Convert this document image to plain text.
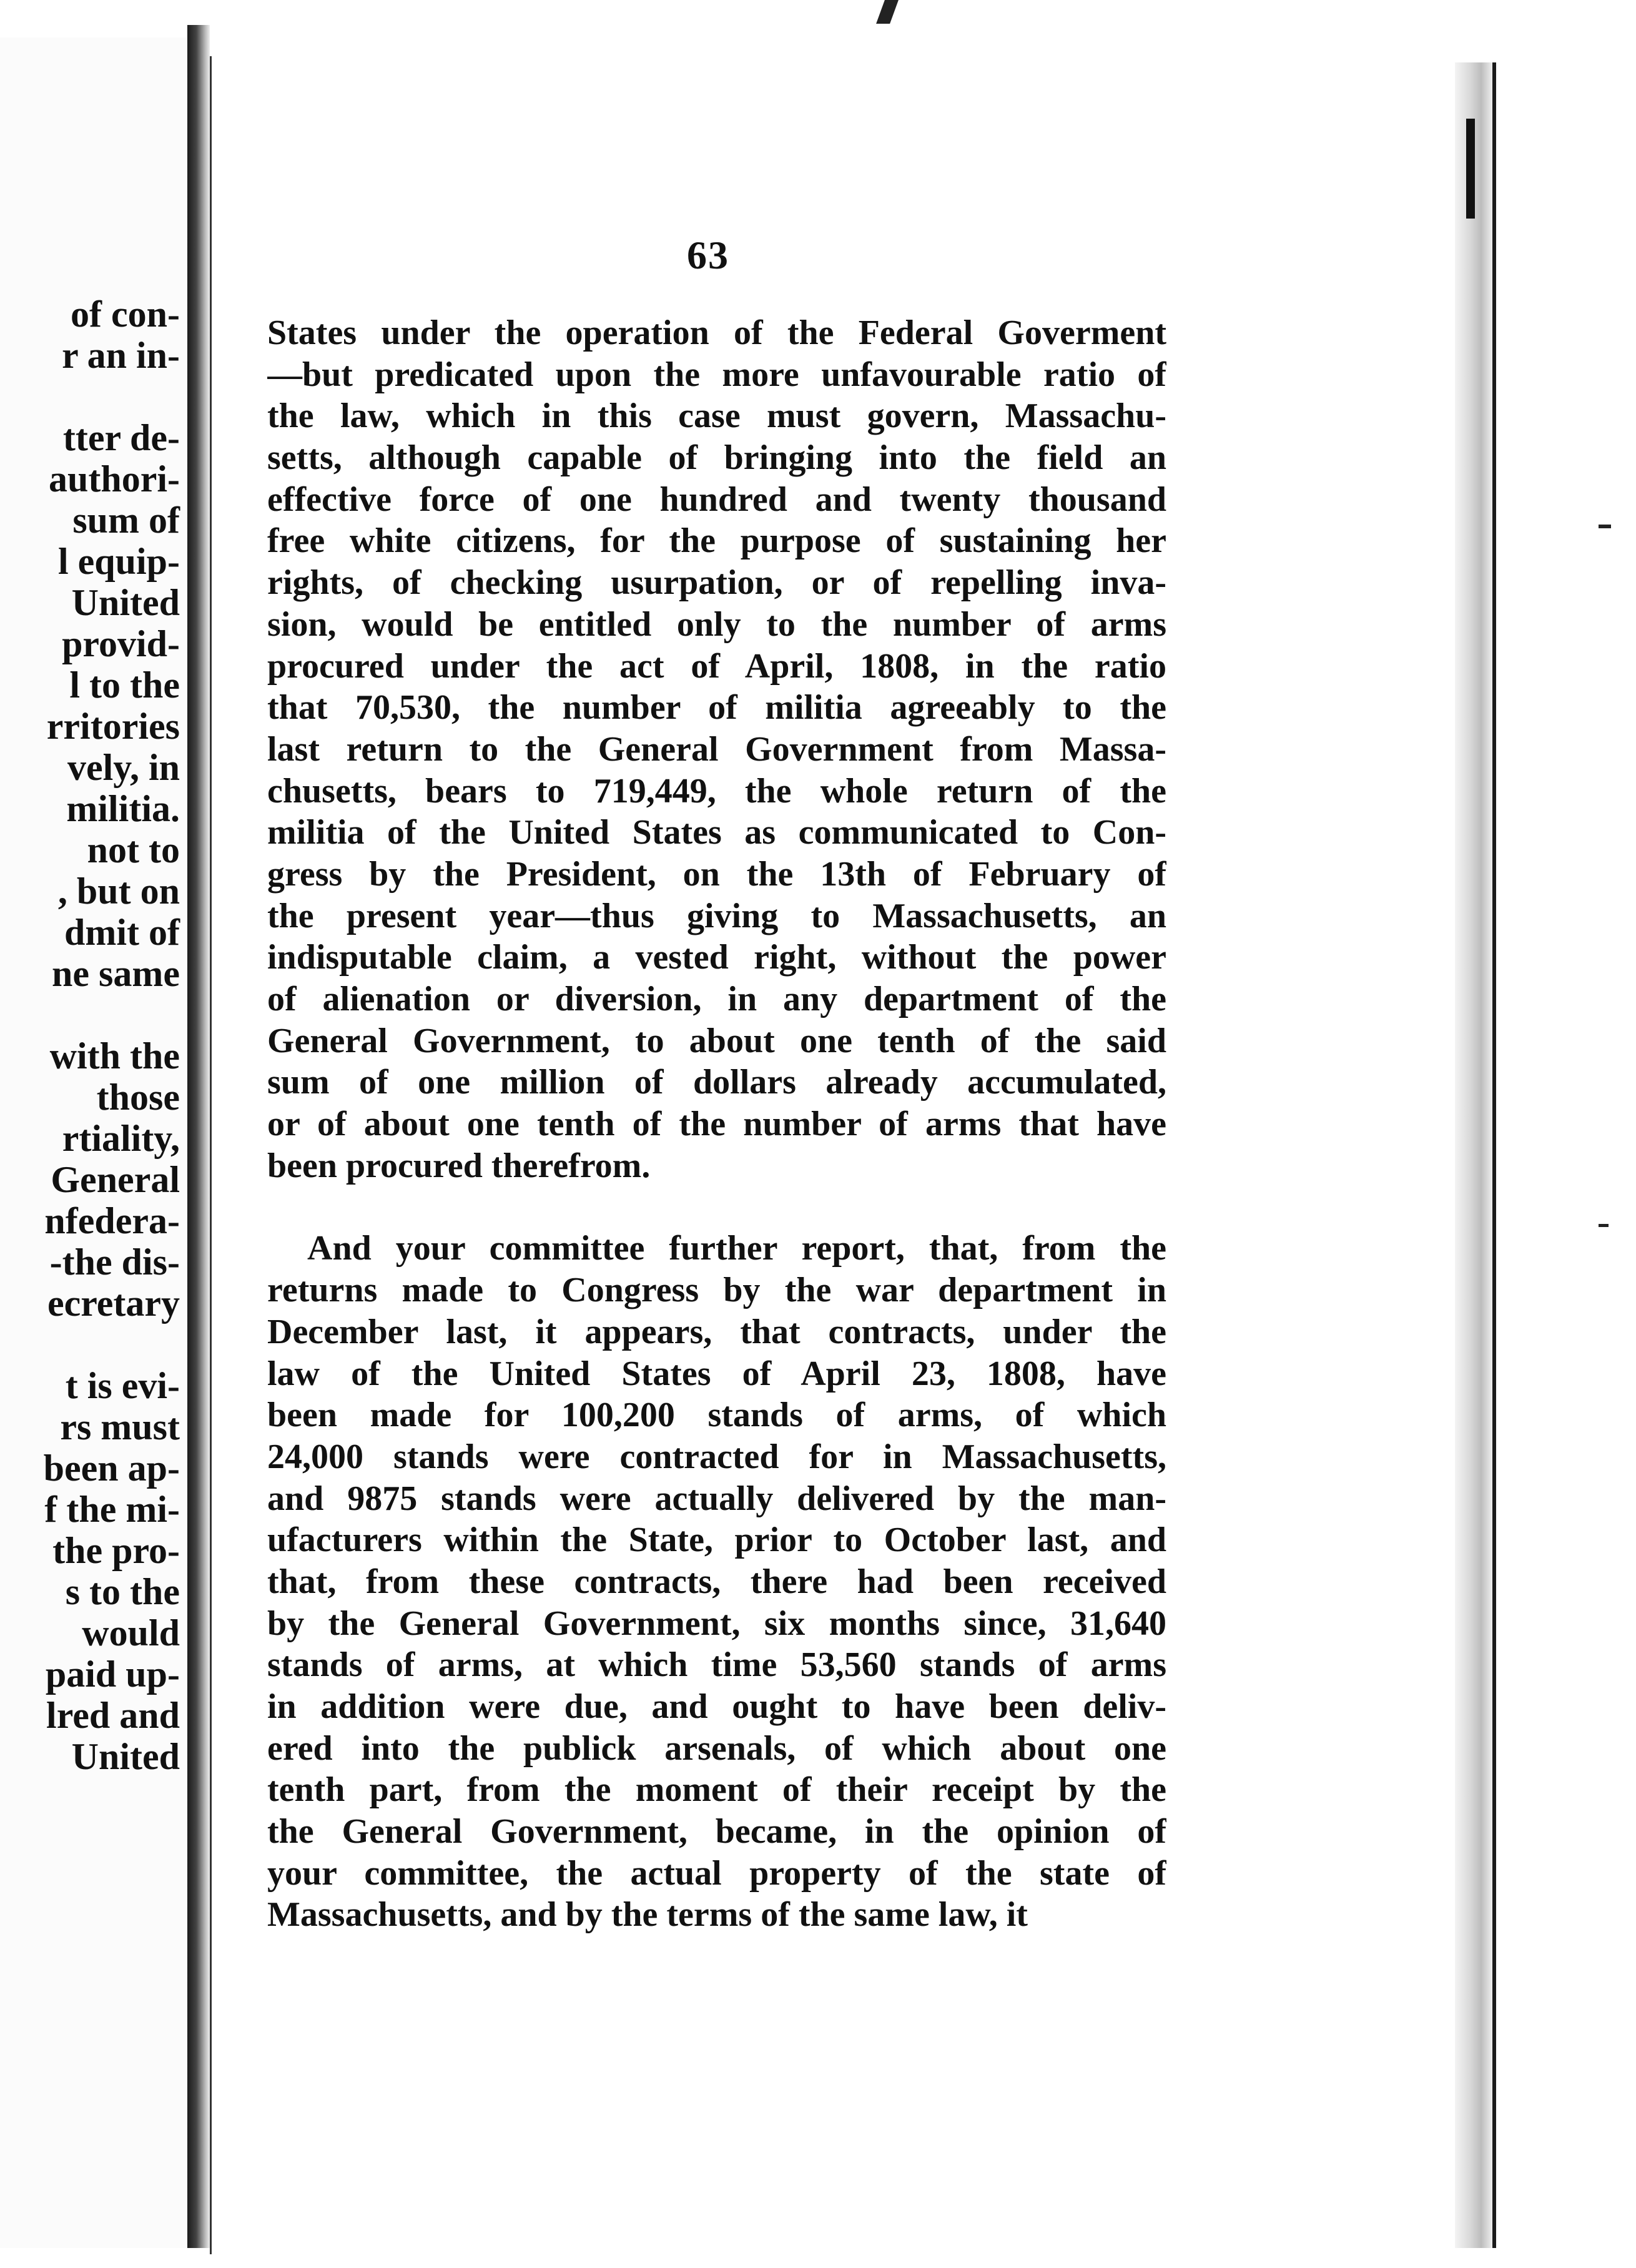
of con-
r an in-
tter de-
authori-
sum of
l equip-
United
provid-
l to the
rritories
vely, in
militia.
not to
, but on
dmit of
ne same
with the
those
rtiality,
General
nfedera-
-the dis-
ecretary
t is evi-
rs must
been ap-
f the mi-
the pro-
s to the
would
paid up-
lred and
United
63
States under the operation of the Federal Goverment
—but predicated upon the more unfavourable ratio of
the law, which in this case must govern, Massachu-
setts, although capable of bringing into the field an
effective force of one hundred and twenty thousand
free white citizens, for the purpose of sustaining her
rights, of checking usurpation, or of repelling inva-
sion, would be entitled only to the number of arms
procured under the act of April, 1808, in the ratio
that 70,530, the number of militia agreeably to the
last return to the General Government from Massa-
chusetts, bears to 719,449, the whole return of the
militia of the United States as communicated to Con-
gress by the President, on the 13th of February of
the present year—thus giving to Massachusetts, an
indisputable claim, a vested right, without the power
of alienation or diversion, in any department of the
General Government, to about one tenth of the said
sum of one million of dollars already accumulated,
or of about one tenth of the number of arms that have
been procured therefrom.
And your committee further report, that, from the
returns made to Congress by the war department in
December last, it appears, that contracts, under the
law of the United States of April 23, 1808, have
been made for 100,200 stands of arms, of which
24,000 stands were contracted for in Massachusetts,
and 9875 stands were actually delivered by the man-
ufacturers within the State, prior to October last, and
that, from these contracts, there had been received
by the General Government, six months since, 31,640
stands of arms, at which time 53,560 stands of arms
in addition were due, and ought to have been deliv-
ered into the publick arsenals, of which about one
tenth part, from the moment of their receipt by the
the General Government, became, in the opinion of
your committee, the actual property of the state of
Massachusetts, and by the terms of the same law, it
